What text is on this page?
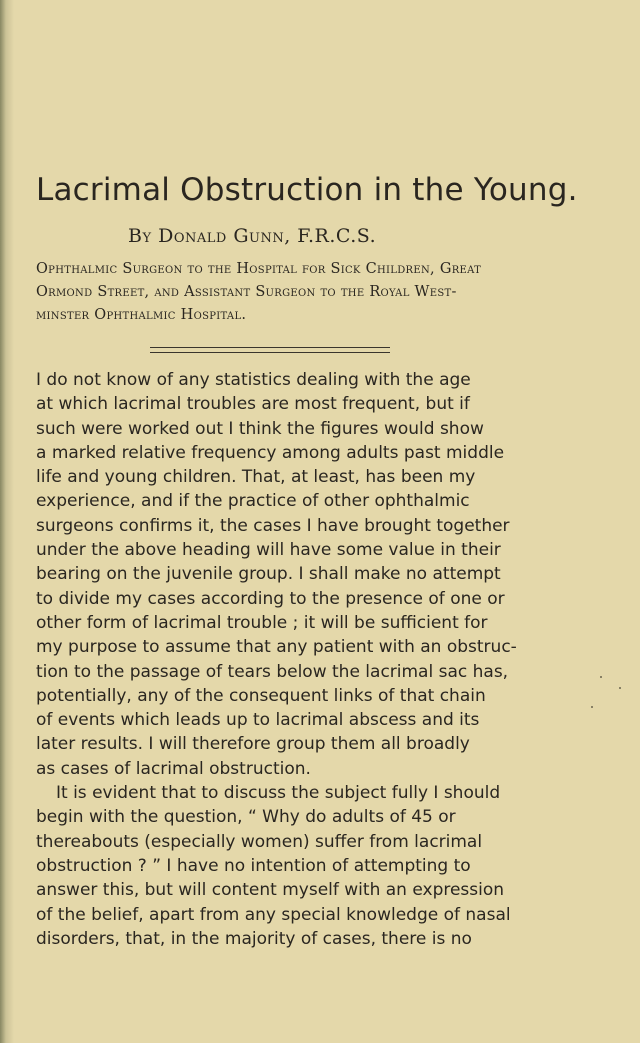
Lacrimal Obstruction in the Young.

By Donald Gunn, F.R.C.S.

Ophthalmic Surgeon to the Hospital for Sick Children, Great
Ormond Street, and Assistant Surgeon to the Royal West-
minster Ophthalmic Hospital.
I do not know of any statistics dealing with the age
at which lacrimal troubles are most frequent, but if
such were worked out I think the figures would show
a marked relative frequency among adults past middle
life and young children. That, at least, has been my
experience, and if the practice of other ophthalmic
surgeons confirms it, the cases I have brought together
under the above heading will have some value in their
bearing on the juvenile group. I shall make no attempt
to divide my cases according to the presence of one or
other form of lacrimal trouble ; it will be sufficient for
my purpose to assume that any patient with an obstruc-
tion to the passage of tears below the lacrimal sac has,
potentially, any of the consequent links of that chain
of events which leads up to lacrimal abscess and its
later results. I will therefore group them all broadly
as cases of lacrimal obstruction.
It is evident that to discuss the subject fully I should
begin with the question, “ Why do adults of 45 or
thereabouts (especially women) suffer from lacrimal
obstruction ? ” I have no intention of attempting to
answer this, but will content myself with an expression
of the belief, apart from any special knowledge of nasal
disorders, that, in the majority of cases, there is no
